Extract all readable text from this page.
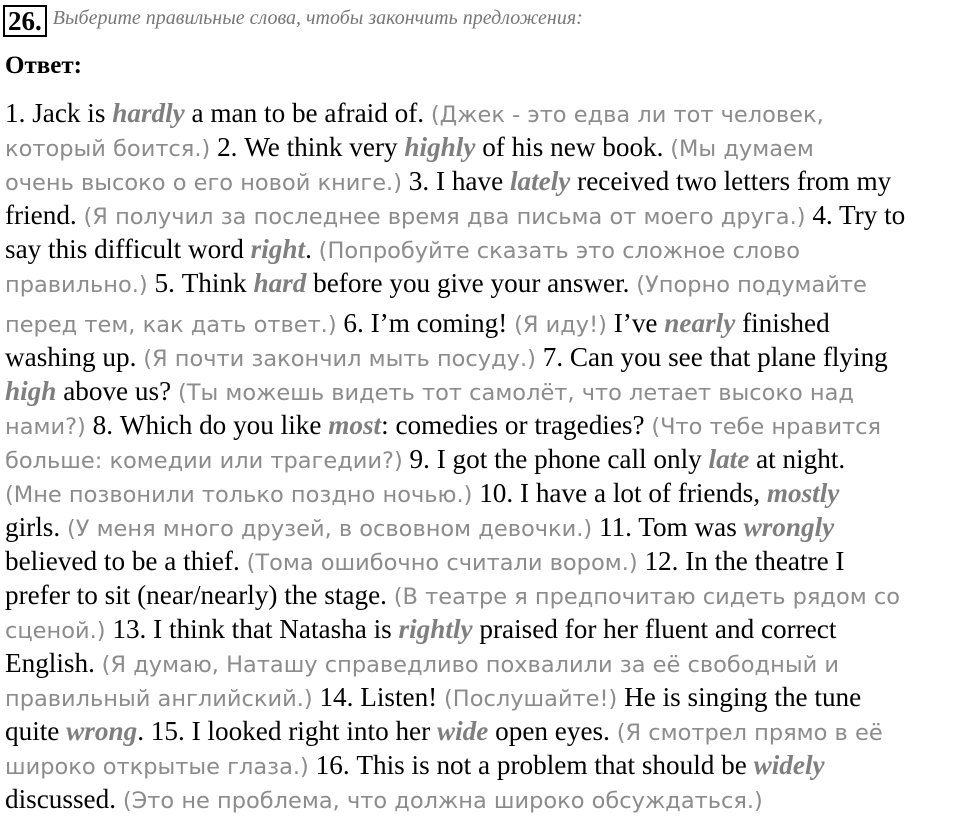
26. Выберите правильные слова, чтобы закончить предложения:
Ответ:
1. Jack is hardly a man to be afraid of. (Джек - это едва ли тот человек,
который боится.) 2. We think very highly of his new book. (Мы думаем
очень высоко о его новой книге.) 3. I have lately received two letters from my
friend. (Я получил за последнее время два письма от моего друга.) 4. Try to
say this difficult word right. (Попробуйте сказать это сложное слово
правильно.) 5. Think hard before you give your answer. (Упорно подумайте
перед тем, как дать ответ.) 6. I’m coming! (Я иду!) I’ve nearly finished
washing up. (Я почти закончил мыть посуду.) 7. Can you see that plane flying
high above us? (Ты можешь видеть тот самолёт, что летает высоко над
нами?) 8. Which do you like most: comedies or tragedies? (Что тебе нравится
больше: комедии или трагедии?) 9. I got the phone call only late at night.
(Мне позвонили только поздно ночью.) 10. I have a lot of friends, mostly
girls. (У меня много друзей, в освовном девочки.) 11. Tom was wrongly
believed to be a thief. (Тома ошибочно считали вором.) 12. In the theatre I
prefer to sit (near/nearly) the stage. (В театре я предпочитаю сидеть рядом со
сценой.) 13. I think that Natasha is rightly praised for her fluent and correct
English. (Я думаю, Наташу справедливо похвалили за её свободный и
правильный английский.) 14. Listen! (Послушайте!) He is singing the tune
quite wrong. 15. I looked right into her wide open eyes. (Я смотрел прямо в её
широко открытые глаза.) 16. This is not a problem that should be widely
discussed. (Это не проблема, что должна широко обсуждаться.)
